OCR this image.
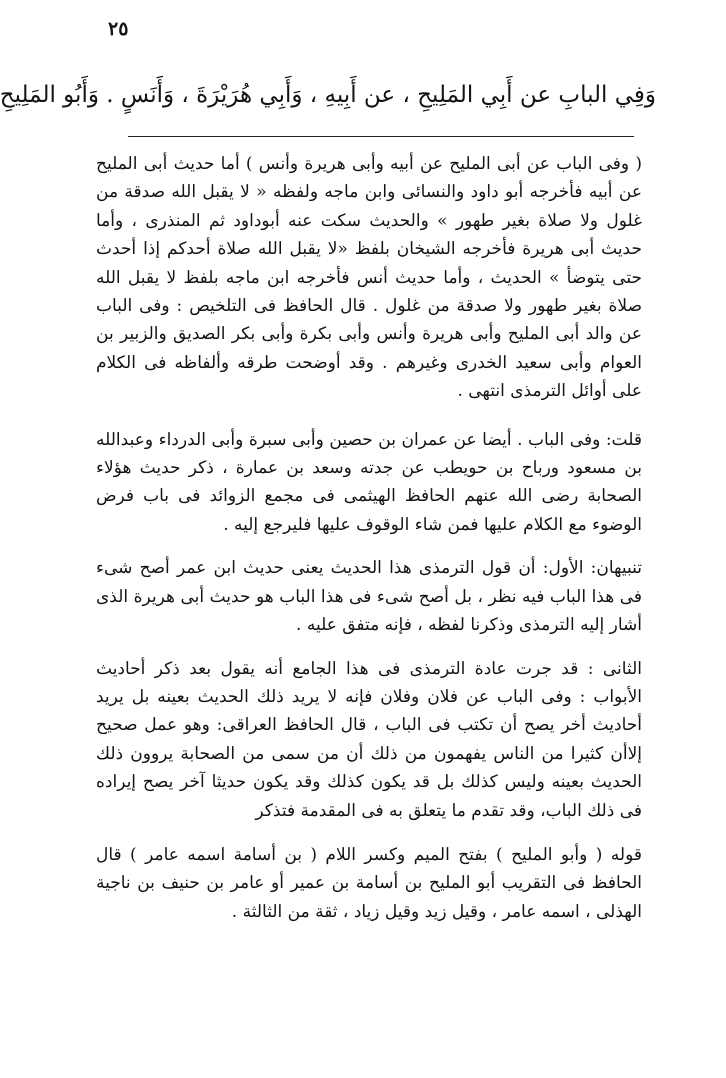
٢٥
وَفِي البابِ عن أَبِي المَلِيحِ ، عن أَبِيهِ ، وَأَبِي هُرَيْرَةَ ، وَأَنَسٍ . وَأَبُو المَلِيحِ

( وفى الباب عن أبى المليح عن أبيه وأبى هريرة وأنس ) أما حديث أبى المليح عن أبيه فأخرجه أبو داود والنسائى وابن ماجه ولفظه « لا يقبل الله صدقة من غلول ولا صلاة بغير طهور » والحديث سكت عنه أبوداود ثم المنذرى ، وأما حديث أبى هريرة فأخرجه الشيخان بلفظ «لا يقبل الله صلاة أحدكم إذا أحدث حتى يتوضأ » الحديث ، وأما حديث أنس فأخرجه ابن ماجه بلفظ لا يقبل الله صلاة بغير طهور ولا صدقة من غلول . قال الحافظ فى التلخيص : وفى الباب عن والد أبى المليح وأبى هريرة وأنس وأبى بكرة وأبى بكر الصديق والزبير بن العوام وأبى سعيد الخدرى وغيرهم . وقد أوضحت طرقه وألفاظه فى الكلام على أوائل الترمذى انتهى .

قلت: وفى الباب . أيضا عن عمران بن حصين وأبى سبرة وأبى الدرداء وعبدالله بن مسعود ورباح بن حويطب عن جدته وسعد بن عمارة ، ذكر حديث هؤلاء الصحابة رضى الله عنهم الحافظ الهيثمى فى مجمع الزوائد فى باب فرض الوضوء مع الكلام عليها فمن شاء الوقوف عليها فليرجع إليه .

تنبيهان: الأول: أن قول الترمذى هذا الحديث يعنى حديث ابن عمر أصح شىء فى هذا الباب فيه نظر ، بل أصح شىء فى هذا الباب هو حديث أبى هريرة الذى أشار إليه الترمذى وذكرنا لفظه ، فإنه متفق عليه .

الثانى : قد جرت عادة الترمذى فى هذا الجامع أنه يقول بعد ذكر أحاديث الأبواب : وفى الباب عن فلان وفلان فإنه لا يريد ذلك الحديث بعينه بل يريد أحاديث أخر يصح أن تكتب فى الباب ، قال الحافظ العراقى: وهو عمل صحيح إلاأن كثيرا من الناس يفهمون من ذلك أن من سمى من الصحابة يروون ذلك الحديث بعينه وليس كذلك بل قد يكون كذلك وقد يكون حديثا آخر يصح إيراده فى ذلك الباب، وقد تقدم ما يتعلق به فى المقدمة فتذكر

قوله ( وأبو المليح ) بفتح الميم وكسر اللام ( بن أسامة اسمه عامر ) قال الحافظ فى التقريب أبو المليح بن أسامة بن عمير أو عامر بن حنيف بن ناجية الهذلى ، اسمه عامر ، وقيل زيد وقيل زياد ، ثقة من الثالثة .
